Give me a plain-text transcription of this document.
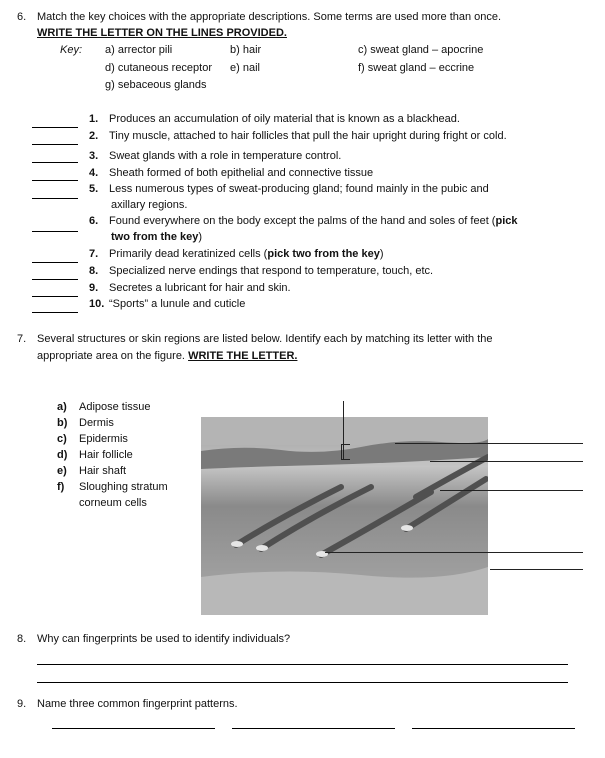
6. Match the key choices with the appropriate descriptions. Some terms are used more than once.
WRITE THE LETTER ON THE LINES PROVIDED.
Key: a) arrector pili	b) hair	c) sweat gland – apocrine
d) cutaneous receptor e) nail	f) sweat gland – eccrine
g) sebaceous glands
1. Produces an accumulation of oily material that is known as a blackhead.
2. Tiny muscle, attached to hair follicles that pull the hair upright during fright or cold.
3. Sweat glands with a role in temperature control.
4. Sheath formed of both epithelial and connective tissue
5. Less numerous types of sweat-producing gland; found mainly in the pubic and
axillary regions.
6. Found everywhere on the body except the palms of the hand and soles of feet (pick
two from the key)
7. Primarily dead keratinized cells (pick two from the key)
8. Specialized nerve endings that respond to temperature, touch, etc.
9. Secretes a lubricant for hair and skin.
10. “Sports” a lunule and cuticle
7. Several structures or skin regions are listed below. Identify each by matching its letter with the
appropriate area on the figure. WRITE THE LETTER.
a) Adipose tissue
b) Dermis
c) Epidermis
d) Hair follicle
e) Hair shaft
f) Sloughing stratum
corneum cells
8. Why can fingerprints be used to identify individuals?
9. Name three common fingerprint patterns.
